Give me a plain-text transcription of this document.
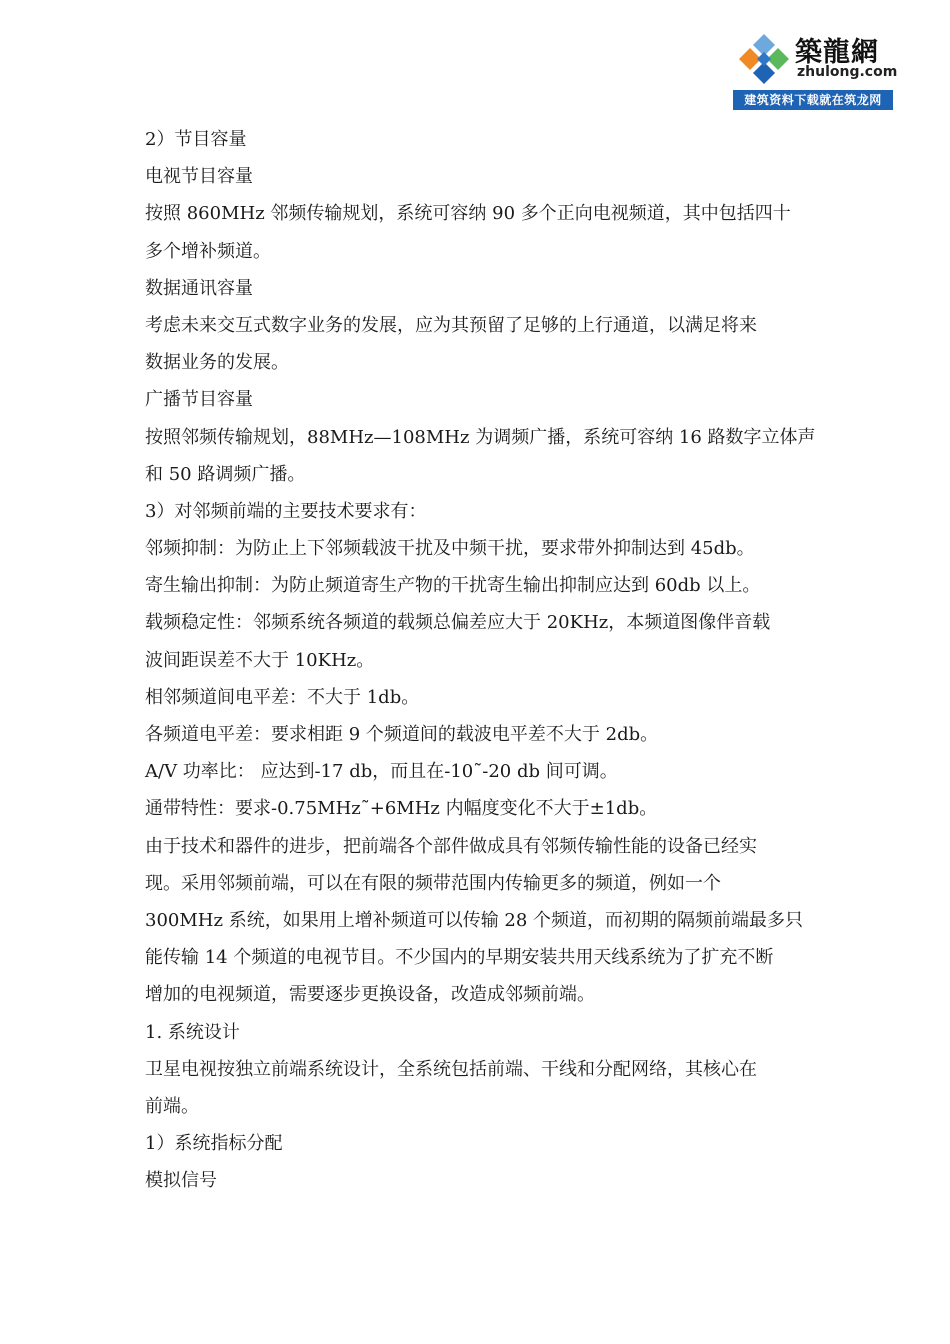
築龍網
zhulong.com
建筑资料下载就在筑龙网
2）节目容量
电视节目容量
按照 860MHz 邻频传输规划，系统可容纳 90 多个正向电视频道，其中包括四十
多个增补频道。
数据通讯容量
考虑未来交互式数字业务的发展，应为其预留了足够的上行通道，以满足将来
数据业务的发展。
广播节目容量
按照邻频传输规划，88MHz—108MHz 为调频广播，系统可容纳 16 路数字立体声
和 50 路调频广播。
3）对邻频前端的主要技术要求有：
邻频抑制：为防止上下邻频载波干扰及中频干扰，要求带外抑制达到 45db。
寄生输出抑制：为防止频道寄生产物的干扰寄生输出抑制应达到 60db 以上。
载频稳定性：邻频系统各频道的载频总偏差应大于 20KHz，本频道图像伴音载
波间距误差不大于 10KHz。
相邻频道间电平差：不大于 1db。
各频道电平差：要求相距 9 个频道间的载波电平差不大于 2db。
A/V 功率比： 应达到-17 db，而且在-10˜-20 db 间可调。
通带特性：要求-0.75MHz˜+6MHz 内幅度变化不大于±1db。
由于技术和器件的进步，把前端各个部件做成具有邻频传输性能的设备已经实
现。采用邻频前端，可以在有限的频带范围内传输更多的频道，例如一个
300MHz 系统，如果用上增补频道可以传输 28 个频道，而初期的隔频前端最多只
能传输 14 个频道的电视节目。不少国内的早期安装共用天线系统为了扩充不断
增加的电视频道，需要逐步更换设备，改造成邻频前端。
1. 系统设计
卫星电视按独立前端系统设计，全系统包括前端、干线和分配网络，其核心在
前端。
1）系统指标分配
模拟信号
